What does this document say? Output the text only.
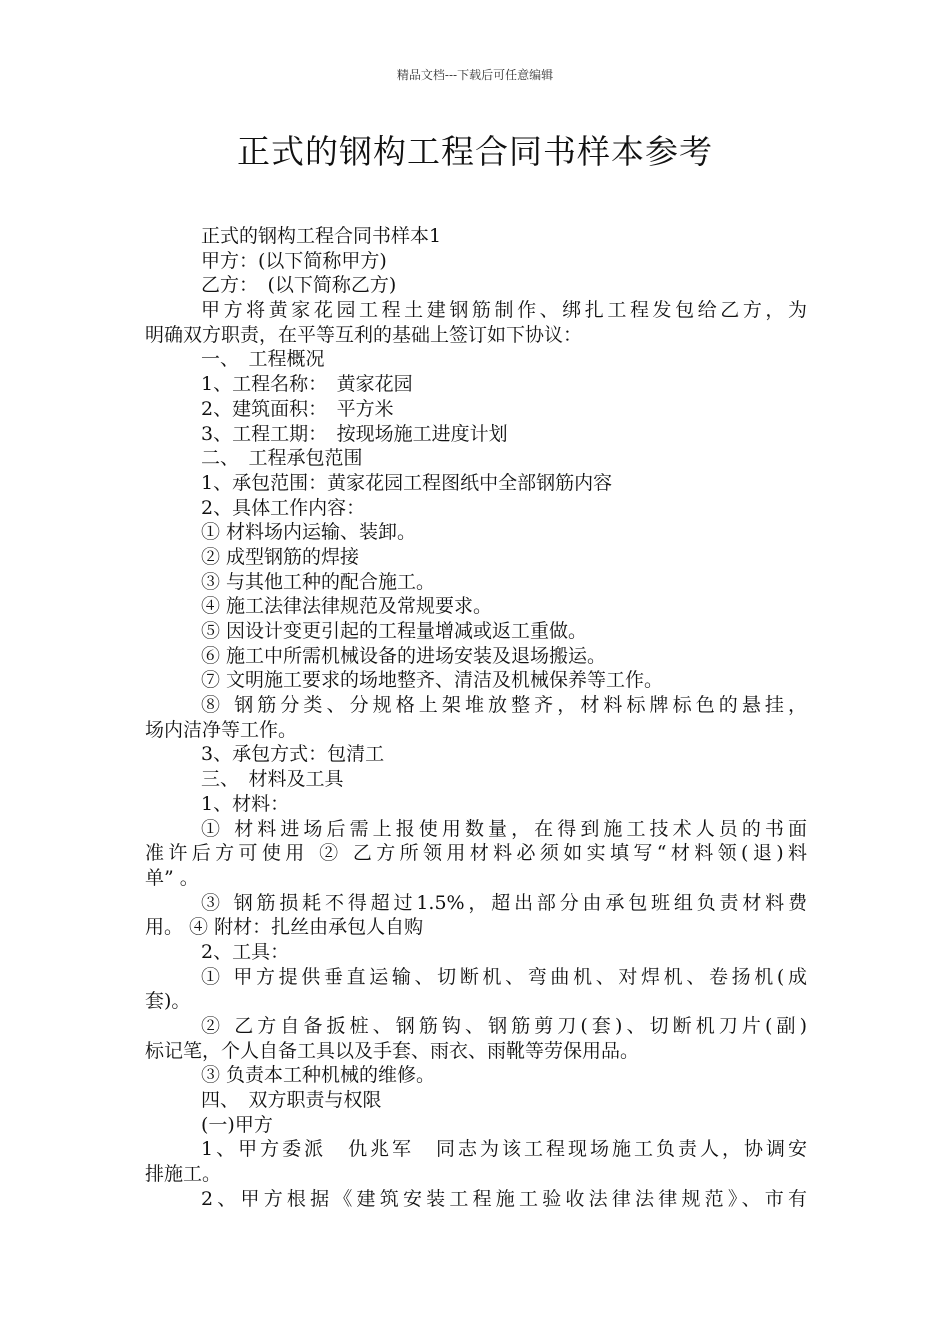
精品文档---下载后可任意编辑
正式的钢构工程合同书样本参考
正式的钢构工程合同书样本1
甲方：(以下简称甲方)
乙方：　(以下简称乙方)
甲方将黄家花园工程土建钢筋制作、绑扎工程发包给乙方，为
明确双方职责，在平等互利的基础上签订如下协议：
一、　工程概况
1、工程名称：　黄家花园
2、建筑面积：　平方米
3、工程工期：　按现场施工进度计划
二、　工程承包范围
1、承包范围：黄家花园工程图纸中全部钢筋内容
2、具体工作内容：
① 材料场内运输、装卸。
② 成型钢筋的焊接
③ 与其他工种的配合施工。
④ 施工法律法律规范及常规要求。
⑤ 因设计变更引起的工程量增减或返工重做。
⑥ 施工中所需机械设备的进场安装及退场搬运。
⑦ 文明施工要求的场地整齐、清洁及机械保养等工作。
⑧ 钢筋分类、分规格上架堆放整齐，材料标牌标色的悬挂，
场内洁净等工作。
3、承包方式：包清工
三、　材料及工具
1、材料：
① 材料进场后需上报使用数量，在得到施工技术人员的书面
准许后方可使用 ② 乙方所领用材料必须如实填写“材料领(退)料
单” 。
③ 钢筋损耗不得超过1.5%，超出部分由承包班组负责材料费
用。 ④ 附材：扎丝由承包人自购
2、工具：
① 甲方提供垂直运输、切断机、弯曲机、对焊机、卷扬机(成
套)。
② 乙方自备扳桩、钢筋钩、钢筋剪刀(套)、切断机刀片(副)
标记笔，个人自备工具以及手套、雨衣、雨靴等劳保用品。
③ 负责本工种机械的维修。
四、　双方职责与权限
(一)甲方
1、甲方委派　仇兆军　同志为该工程现场施工负责人，协调安
排施工。
2、甲方根据《建筑安装工程施工验收法律法律规范》、市有
